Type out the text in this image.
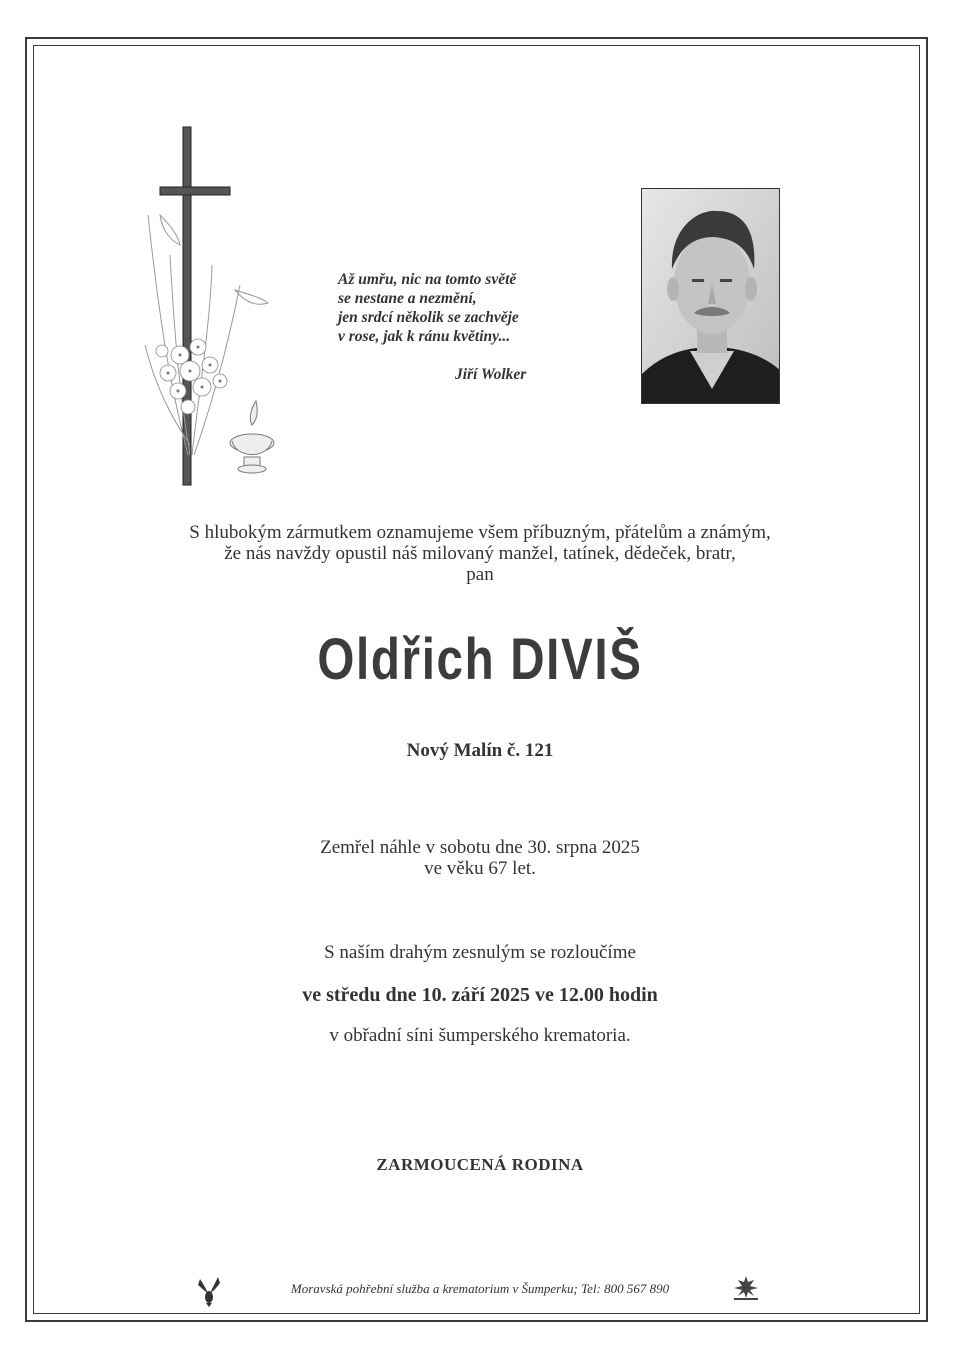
Až umřu, nic na tomto světě
se nestane a nezmění,
jen srdcí několik se zachvěje
v rose, jak k ránu květiny...
Jiří Wolker
S hlubokým zármutkem oznamujeme všem příbuzným, přátelům a známým,
že nás navždy opustil náš milovaný manžel, tatínek, dědeček, bratr,
pan
Oldřich DIVIŠ
Nový Malín č. 121
Zemřel náhle v sobotu dne 30. srpna 2025
ve věku 67 let.
S naším drahým zesnulým se rozloučíme
ve středu dne 10. září 2025 ve 12.00 hodin
v obřadní síni šumperského krematoria.
ZARMOUCENÁ RODINA
Moravská pohřební služba a krematorium v Šumperku; Tel: 800 567 890
